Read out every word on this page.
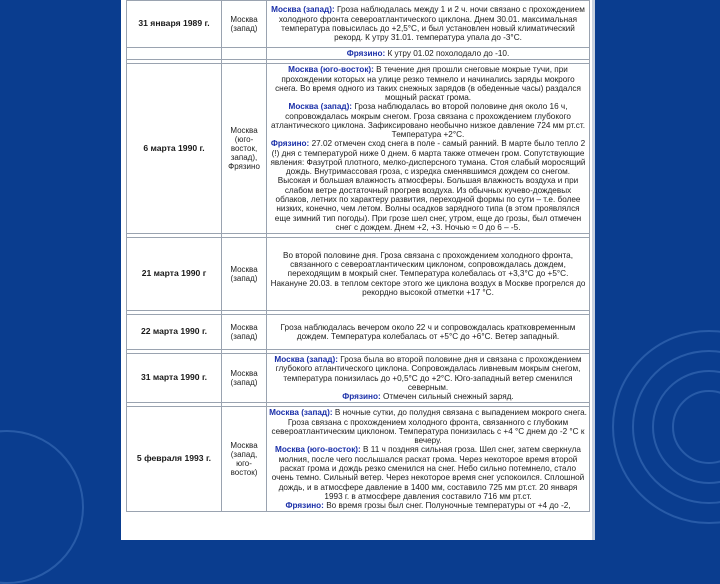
31 января 1989 г.	Москва (запад)	Москва (запад): Гроза наблюдалась между 1 и 2 ч. ночи связано с прохождением холодного фронта североатлантического циклона. Днем 30.01. максимальная температура повысилась до +2,5°С, и был установлен новый климатический рекорд. К утру 31.01. температура упала до -3°С.

		Фрязино: К утру 01.02 похолодало до -10.

6 марта 1990 г.	Москва (юго-восток, запад), Фрязино	Москва (юго-восток): В течение дня прошли снеговые мокрые тучи, при прохождении которых на улице резко темнело и начинались заряды мокрого снега. Во время одного из таких снежных зарядов (в обеденные часы) раздался мощный раскат грома.
Москва (запад): Гроза наблюдалась во второй половине дня около 16 ч, сопровождалась мокрым снегом. Гроза связана с прохождением глубокого атлантического циклона. Зафиксировано необычно низкое давление 724 мм рт.ст. Температура +2°С.
Фрязино: 27.02 отмечен сход снега в поле - самый ранний. В марте было тепло 2 (!) дня с температурой ниже 0 днем. 6 марта также отмечен гром. Сопутствующие явления: Фазутрой плотного, мелко-дисперсного тумана. Стоя слабый моросящий дождь. Внутримассовая гроза, с изредка сменявшимся дождем со снегом. Высокая и большая влажность атмосферы. Большая влажность воздуха и при слабом ветре достаточный прогрев воздуха. Из обычных кучево-дождевых облаков, летних по характеру развития, переходной формы по сути – т.е. более низких, конечно, чем летом. Волны осадков зарядного типа (в этом проявлялся еще зимний тип погоды). При грозе шел снег, утром, еще до грозы, был отмечен снег с дождем. Днем +2, +3. Ночью ≈ 0 до 6 – -5.

21 марта 1990 г	Москва (запад)	Во второй половине дня. Гроза связана с прохождением холодного фронта, связанного с североатлантическим циклоном, сопровождалась дождем, переходящим в мокрый снег. Температура колебалась от +3,3°С до +5°С. Накануне 20.03. в теплом секторе этого же циклона воздух в Москве прогрелся до рекордно высокой отметки +17 °С.

22 марта 1990 г.	Москва (запад)	Гроза наблюдалась вечером около 22 ч и сопровождалась кратковременным дождем. Температура колебалась от +5°С до +6°С. Ветер западный.

31 марта 1990 г.	Москва (запад)	Москва (запад): Гроза была во второй половине дня и связана с прохождением глубокого атлантического циклона. Сопровождалась ливневым мокрым снегом, температура понизилась до +0,5°С до +2°С. Юго-западный ветер сменился северным.
Фрязино: Отмечен сильный снежный заряд.

5 февраля 1993 г.	Москва (запад, юго-восток)	Москва (запад): В ночные сутки, до полудня связана с выпадением мокрого снега. Гроза связана с прохождением холодного фронта, связанного с глубоким североатлантическим циклоном. Температура понизилась с +4 °С днем до -2 °С к вечеру.
Москва (юго-восток): В 11 ч поздняя сильная гроза. Шел снег, затем сверкнула молния, после чего послышался раскат грома. Через некоторое время второй раскат грома и дождь резко сменился на снег. Небо сильно потемнело, стало очень темно. Сильный ветер. Через некоторое время снег успокоился. Сплошной дождь, и в атмосфере давление в 1400 мм, составило 725 мм рт.ст. 20 января 1993 г. в атмосфере давления составило 716 мм рт.ст.
Фрязино: Во время грозы был снег. Полуночные температуры от +4 до -2,
